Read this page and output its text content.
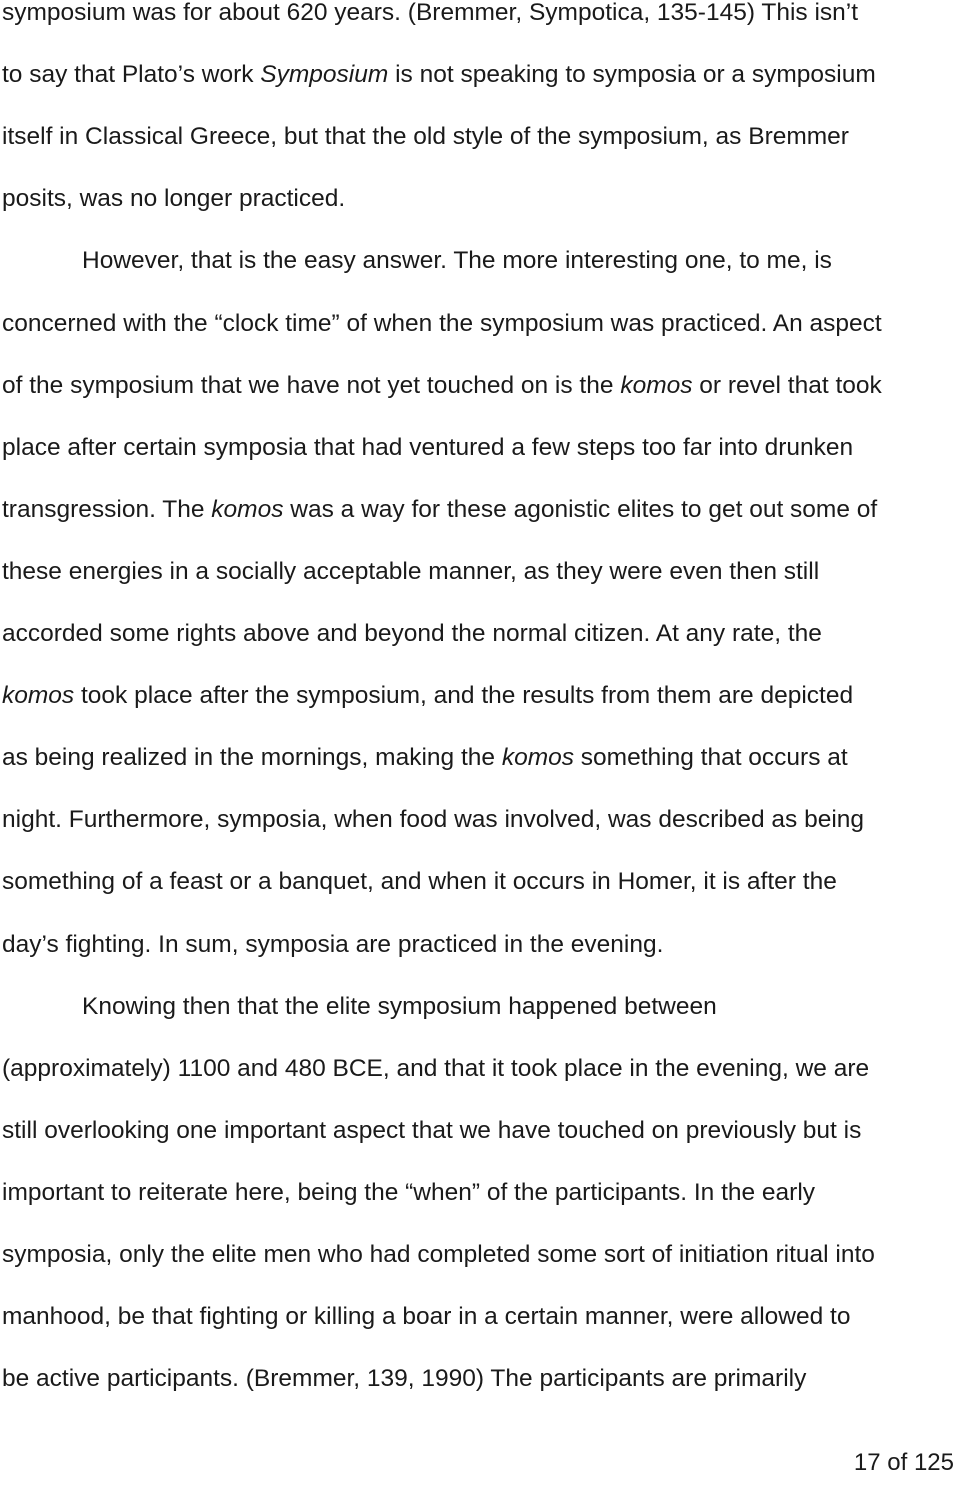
symposium was for about 620 years. (Bremmer, Sympotica, 135-145) This isn’t
to say that Plato’s work Symposium is not speaking to symposia or a symposium
itself in Classical Greece, but that the old style of the symposium, as Bremmer
posits, was no longer practiced.
However, that is the easy answer. The more interesting one, to me, is
concerned with the “clock time” of when the symposium was practiced. An aspect
of the symposium that we have not yet touched on is the komos or revel that took
place after certain symposia that had ventured a few steps too far into drunken
transgression. The komos was a way for these agonistic elites to get out some of
these energies in a socially acceptable manner, as they were even then still
accorded some rights above and beyond the normal citizen. At any rate, the
komos took place after the symposium, and the results from them are depicted
as being realized in the mornings, making the komos something that occurs at
night. Furthermore, symposia, when food was involved, was described as being
something of a feast or a banquet, and when it occurs in Homer, it is after the
day’s fighting. In sum, symposia are practiced in the evening.
Knowing then that the elite symposium happened between
(approximately) 1100 and 480 BCE, and that it took place in the evening, we are
still overlooking one important aspect that we have touched on previously but is
important to reiterate here, being the “when” of the participants. In the early
symposia, only the elite men who had completed some sort of initiation ritual into
manhood, be that fighting or killing a boar in a certain manner, were allowed to
be active participants. (Bremmer, 139, 1990) The participants are primarily
17 of 125
